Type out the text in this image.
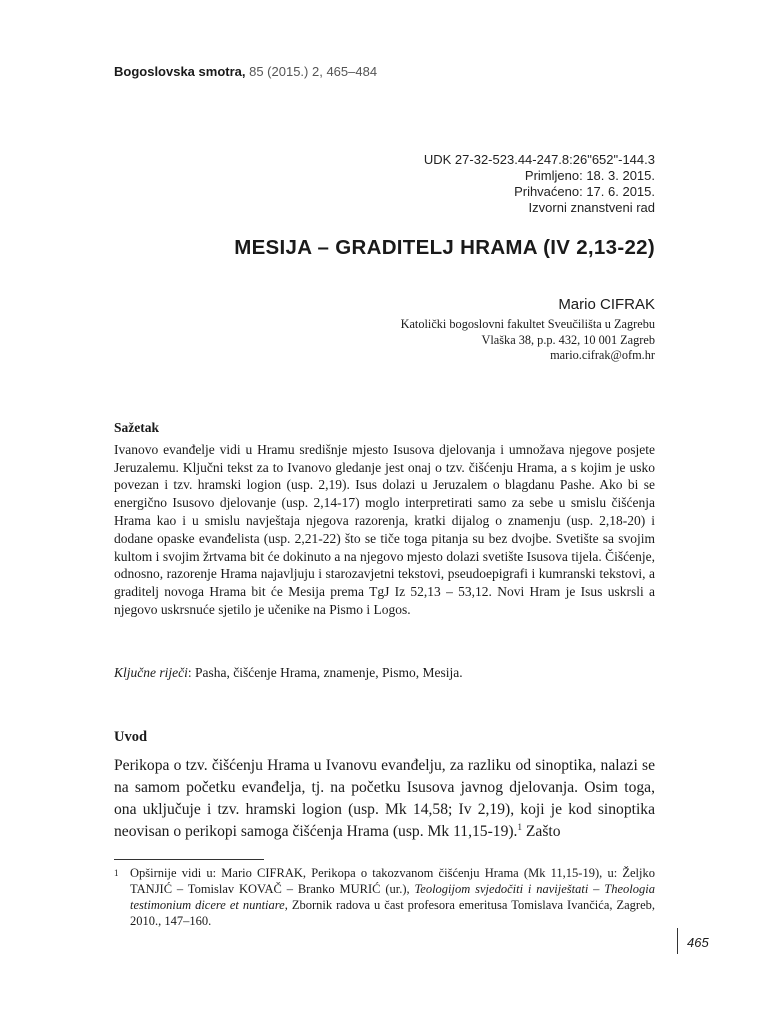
Bogoslovska smotra, 85 (2015.) 2, 465–484
UDK 27-32-523.44-247.8:26"652"-144.3
Primljeno: 18. 3. 2015.
Prihvaćeno: 17. 6. 2015.
Izvorni znanstveni rad
MESIJA – GRADITELJ HRAMA (IV 2,13-22)
Mario CIFRAK
Katolički bogoslovni fakultet Sveučilišta u Zagrebu
Vlaška 38, p.p. 432, 10 001 Zagreb
mario.cifrak@ofm.hr
Sažetak

Ivanovo evanđelje vidi u Hramu središnje mjesto Isusova djelovanja i umnožava njegove posjete Jeruzalemu. Ključni tekst za to Ivanovo gledanje jest onaj o tzv. čišćenju Hrama, a s kojim je usko povezan i tzv. hramski logion (usp. 2,19). Isus dolazi u Jeruzalem o blagdanu Pashe. Ako bi se energično Isusovo djelovanje (usp. 2,14-17) moglo interpretirati samo za sebe u smislu čišćenja Hrama kao i u smislu navještaja njegova razorenja, kratki dijalog o znamenju (usp. 2,18-20) i dodane opaske evanđelista (usp. 2,21-22) što se tiče toga pitanja su bez dvojbe. Svetište sa svojim kultom i svojim žrtvama bit će dokinuto a na njegovo mjesto dolazi svetište Isusova tijela. Čišćenje, odnosno, razorenje Hrama najavljuju i starozavjetni tekstovi, pseudoepigrafi i kumranski tekstovi, a graditelj novoga Hrama bit će Mesija prema TgJ Iz 52,13 – 53,12. Novi Hram je Isus uskrsli a njegovo uskrsnuće sjetilo je učenike na Pismo i Logos.

Ključne riječi: Pasha, čišćenje Hrama, znamenje, Pismo, Mesija.
Uvod
Perikopa o tzv. čišćenju Hrama u Ivanovu evanđelju, za razliku od sinoptika, nalazi se na samom početku evanđelja, tj. na početku Isusova javnog djelovanja. Osim toga, ona uključuje i tzv. hramski logion (usp. Mk 14,58; Iv 2,19), koji je kod sinoptika neovisan o perikopi samoga čišćenja Hrama (usp. Mk 11,15-19).$^1$ Zašto
1 Opširnije vidi u: Mario CIFRAK, Perikopa o takozvanom čišćenju Hrama (Mk 11,15-19), u: Željko TANJIĆ – Tomislav KOVAČ – Branko MURIĆ (ur.), Teologijom svjedočiti i naviještati – Theologia testimonium dicere et nuntiare, Zbornik radova u čast profesora emeritusa Tomislava Ivančića, Zagreb, 2010., 147–160.
465
